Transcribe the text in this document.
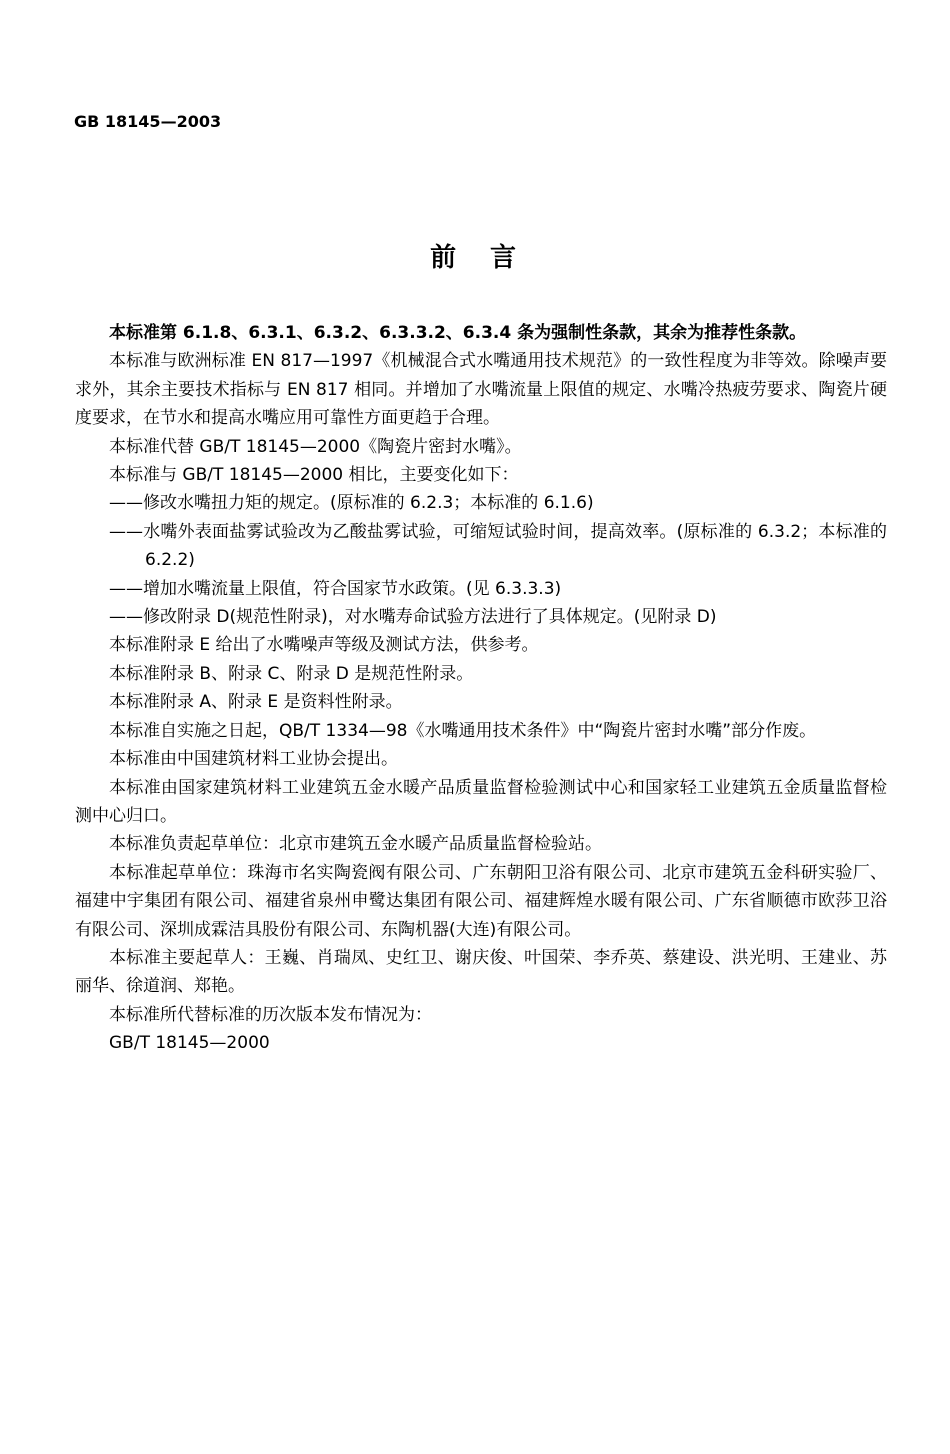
GB 18145—2003
前　言

本标准第 6.1.8、6.3.1、6.3.2、6.3.3.2、6.3.4 条为强制性条款，其余为推荐性条款。

本标准与欧洲标准 EN 817—1997《机械混合式水嘴通用技术规范》的一致性程度为非等效。除噪声要求外，其余主要技术指标与 EN 817 相同。并增加了水嘴流量上限值的规定、水嘴冷热疲劳要求、陶瓷片硬度要求，在节水和提高水嘴应用可靠性方面更趋于合理。

本标准代替 GB/T 18145—2000《陶瓷片密封水嘴》。

本标准与 GB/T 18145—2000 相比，主要变化如下：

——修改水嘴扭力矩的规定。(原标准的 6.2.3；本标准的 6.1.6)

——水嘴外表面盐雾试验改为乙酸盐雾试验，可缩短试验时间，提高效率。(原标准的 6.3.2；本标准的 6.2.2)

——增加水嘴流量上限值，符合国家节水政策。(见 6.3.3.3)

——修改附录 D(规范性附录)，对水嘴寿命试验方法进行了具体规定。(见附录 D)

本标准附录 E 给出了水嘴噪声等级及测试方法，供参考。

本标准附录 B、附录 C、附录 D 是规范性附录。

本标准附录 A、附录 E 是资料性附录。

本标准自实施之日起，QB/T 1334—98《水嘴通用技术条件》中“陶瓷片密封水嘴”部分作废。

本标准由中国建筑材料工业协会提出。

本标准由国家建筑材料工业建筑五金水暖产品质量监督检验测试中心和国家轻工业建筑五金质量监督检测中心归口。

本标准负责起草单位：北京市建筑五金水暖产品质量监督检验站。

本标准起草单位：珠海市名实陶瓷阀有限公司、广东朝阳卫浴有限公司、北京市建筑五金科研实验厂、福建中宇集团有限公司、福建省泉州申鹭达集团有限公司、福建辉煌水暖有限公司、广东省顺德市欧莎卫浴有限公司、深圳成霖洁具股份有限公司、东陶机器(大连)有限公司。

本标准主要起草人：王巍、肖瑞凤、史红卫、谢庆俊、叶国荣、李乔英、蔡建设、洪光明、王建业、苏丽华、徐道润、郑艳。

本标准所代替标准的历次版本发布情况为：

GB/T 18145—2000
